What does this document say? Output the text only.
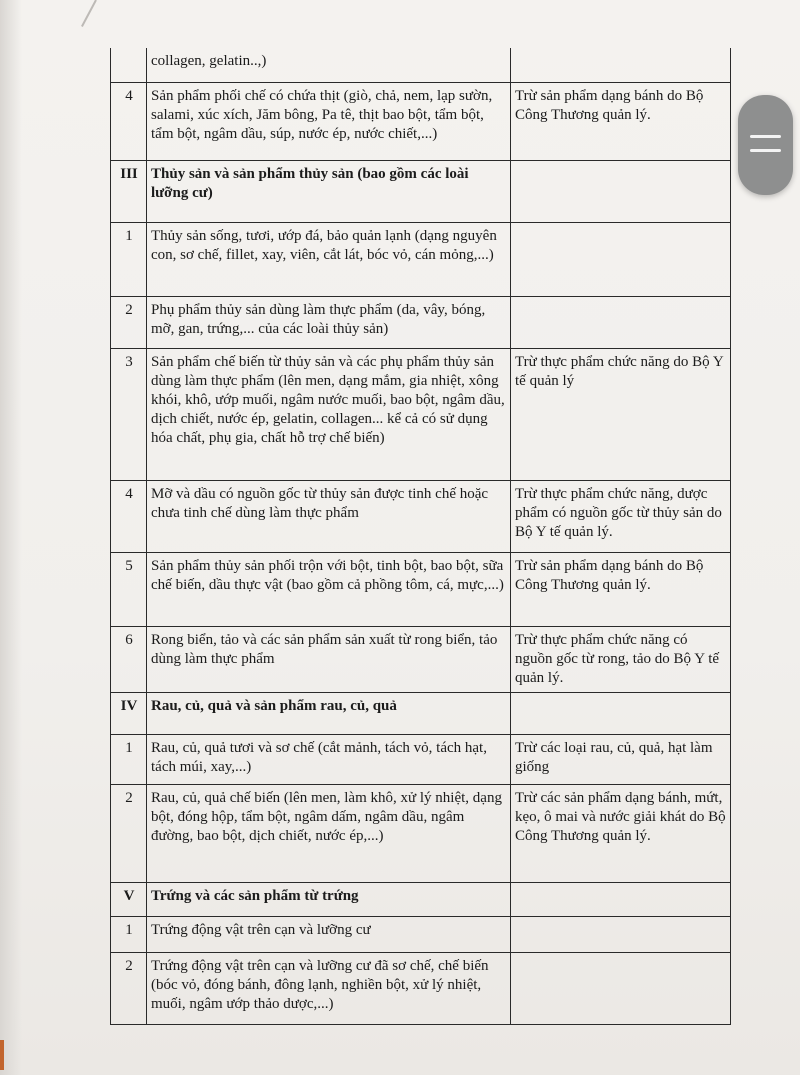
	collagen, gelatin..,)	
4	Sản phẩm phối chế có chứa thịt (giò, chả, nem, lạp sườn, salami, xúc xích, Jăm bông, Pa tê, thịt bao bột, tẩm bột, tẩm bột, ngâm dầu, súp, nước ép, nước chiết,...)	Trừ sản phẩm dạng bánh do Bộ Công Thương quản lý.
III	Thủy sản và sản phẩm thủy sản (bao gồm các loài lưỡng cư)	
1	Thủy sản sống, tươi, ướp đá, bảo quản lạnh (dạng nguyên con, sơ chế, fillet, xay, viên, cắt lát, bóc vỏ, cán mỏng,...)	
2	Phụ phẩm thủy sản dùng làm thực phẩm (da, vây, bóng, mỡ, gan, trứng,... của các loài thủy sản)	
3	Sản phẩm chế biến từ thủy sản và các phụ phẩm thủy sản dùng làm thực phẩm (lên men, dạng mắm, gia nhiệt, xông khói, khô, ướp muối, ngâm nước muối, bao bột, ngâm dầu, dịch chiết, nước ép, gelatin, collagen... kể cả có sử dụng hóa chất, phụ gia, chất hỗ trợ chế biến)	Trừ thực phẩm chức năng do Bộ Y tế quản lý
4	Mỡ và dầu có nguồn gốc từ thủy sản được tinh chế hoặc chưa tinh chế dùng làm thực phẩm	Trừ thực phẩm chức năng, dược phẩm có nguồn gốc từ thủy sản do Bộ Y tế quản lý.
5	Sản phẩm thủy sản phối trộn với bột, tinh bột, bao bột, sữa chế biến, dầu thực vật (bao gồm cả phồng tôm, cá, mực,...)	Trừ sản phẩm dạng bánh do Bộ Công Thương quản lý.
6	Rong biển, tảo và các sản phẩm sản xuất từ rong biển, tảo dùng làm thực phẩm	Trừ thực phẩm chức năng có nguồn gốc từ rong, tảo do Bộ Y tế quản lý.
IV	Rau, củ, quả và sản phẩm rau, củ, quả	
1	Rau, củ, quả tươi và sơ chế (cắt mảnh, tách vỏ, tách hạt, tách múi, xay,...)	Trừ các loại rau, củ, quả, hạt làm giống
2	Rau, củ, quả chế biến (lên men, làm khô, xử lý nhiệt, dạng bột, đóng hộp, tẩm bột, ngâm dấm, ngâm dầu, ngâm đường, bao bột, dịch chiết, nước ép,...)	Trừ các sản phẩm dạng bánh, mứt, kẹo, ô mai và nước giải khát do Bộ Công Thương quản lý.
V	Trứng và các sản phẩm từ trứng	
1	Trứng động vật trên cạn và lưỡng cư	
2	Trứng động vật trên cạn và lưỡng cư đã sơ chế, chế biến (bóc vỏ, đóng bánh, đông lạnh, nghiền bột, xử lý nhiệt, muối, ngâm ướp thảo dược,...)	
